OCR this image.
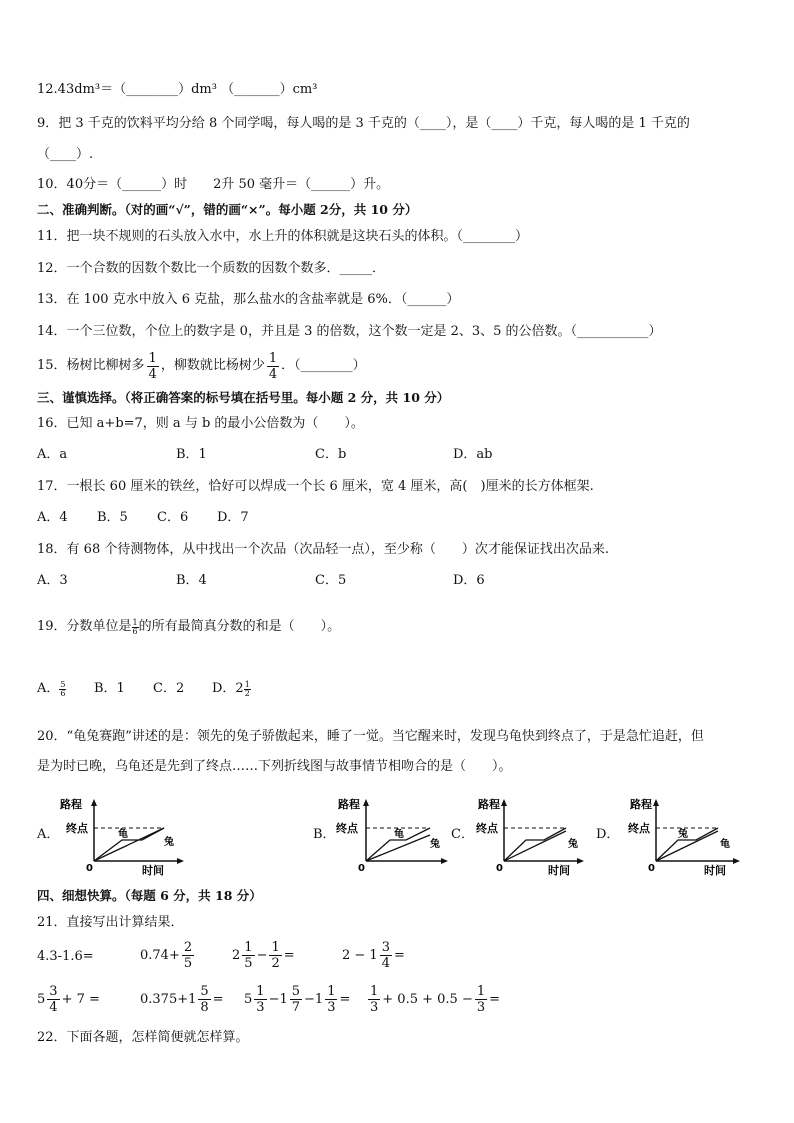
12.43dm³＝（________）dm³ （_______）cm³
9．把 3 千克的饮料平均分给 8 个同学喝，每人喝的是 3 千克的（____），是（____）千克，每人喝的是 1 千克的
（____）.
10．40分＝（______）时　　2升 50 毫升＝（______）升。
二、准确判断。（对的画“√”，错的画“×”。每小题 2分，共 10 分）
11．把一块不规则的石头放入水中，水上升的体积就是这块石头的体积。（________）
12．一个合数的因数个数比一个质数的因数个数多．_____．
13．在 100 克水中放入 6 克盐，那么盐水的含盐率就是 6%．（______）
14．一个三位数，个位上的数字是 0，并且是 3 的倍数，这个数一定是 2、3、5 的公倍数。（___________）
15．杨树比柳树多 $\frac{1}{4}$ ，柳数就比杨树少 $\frac{1}{4}$ ．（________）
三、谨慎选择。（将正确答案的标号填在括号里。每小题 2 分，共 10 分）
16．已知 a+b=7，则 a 与 b 的最小公倍数为（　　）。
A．a	B．1	C．b	D．ab
17．一根长 60 厘米的铁丝，恰好可以焊成一个长 6 厘米，宽 4 厘米，高(　)厘米的长方体框架.
A．4 B．5 C．6 D．7
18．有 68 个待测物体，从中找出一个次品（次品轻一点），至少称（　　）次才能保证找出次品来.
A．3	B．4	C．5	D．6
19．分数单位是 $\frac{1}{6}$ 的所有最简真分数的和是（　　）。
A． $\frac{5}{6}$ B．1 C．2 D．$2 \frac{1}{2}$
20．“龟兔赛跑”讲述的是：领先的兔子骄傲起来，睡了一觉。当它醒来时，发现乌龟快到终点了，于是急忙追赶，但
是为时已晚，乌龟还是先到了终点……下列折线图与故事情节相吻合的是（　　）。
A．	B．	C．	D．
路程
终点
0	时间
龟
兔
路程
终点
0
龟
兔
路程
终点
0	时间
兔
路程
终点
0	时间
兔
龟
四、细想快算。（每题 6 分，共 18 分）
21．直接写出计算结果．
4.3-1.6=	$0.74+ \frac{2}{5}$	$2 \frac{1}{5} - \frac{1}{2}$ =	$2 - 1 \frac{3}{4}$ =
$5 \frac{3}{4} + 7$ =	$0.375+1 \frac{5}{8} = 5 \frac{1}{3} -1 \frac{5}{7} -1 \frac{1}{3} = \frac{1}{3} + 0.5 + 0.5 - \frac{1}{3}$ =
22．下面各题，怎样简便就怎样算。
